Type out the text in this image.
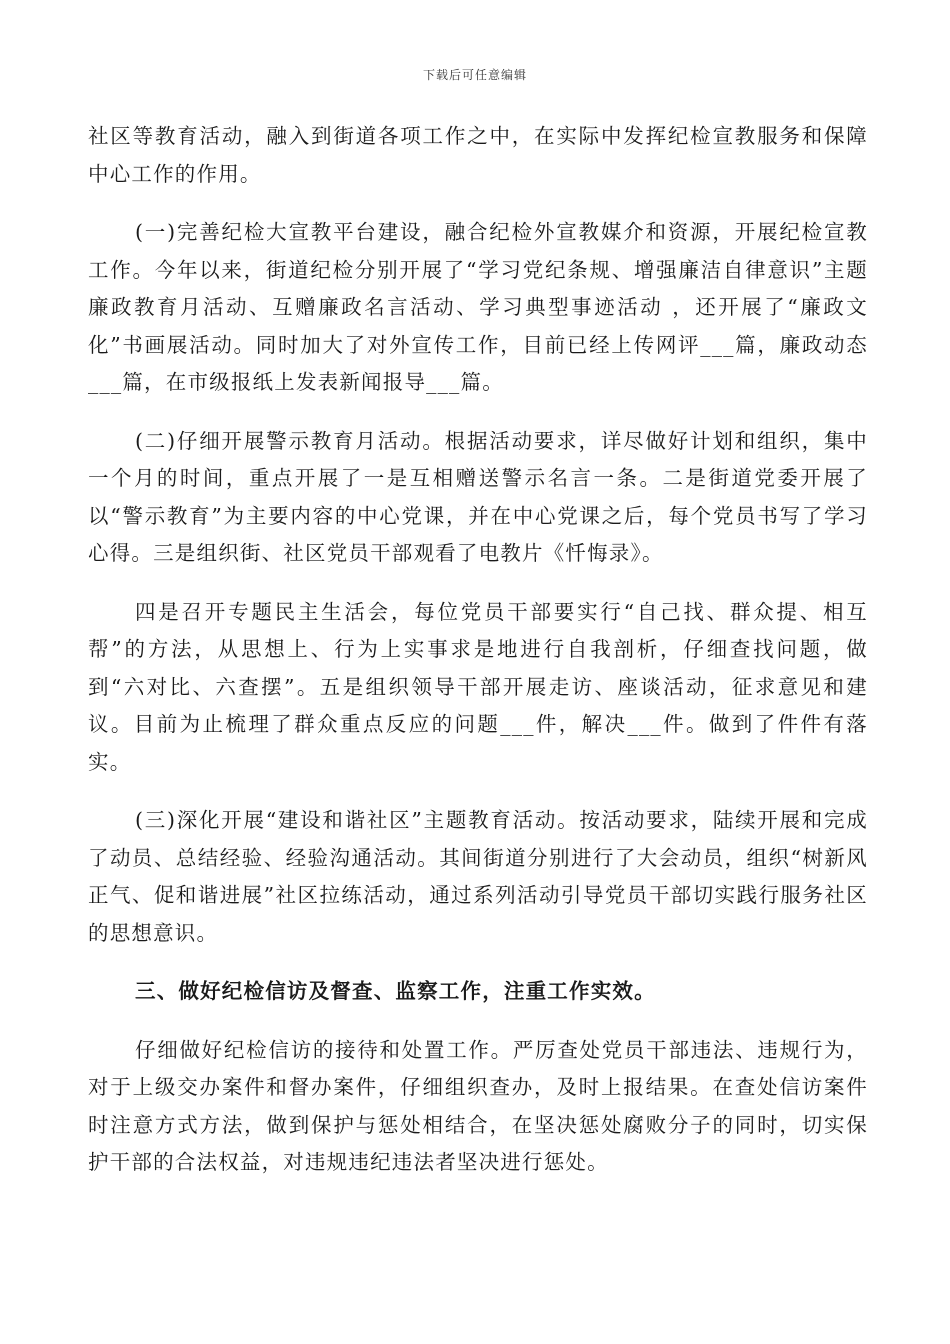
下载后可任意编辑

社区等教育活动，融入到街道各项工作之中，在实际中发挥纪检宣教服务和保障中心工作的作用。

(一)完善纪检大宣教平台建设，融合纪检外宣教媒介和资源，开展纪检宣教工作。今年以来，街道纪检分别开展了“学习党纪条规、增强廉洁自律意识”主题廉政教育月活动、互赠廉政名言活动、学习典型事迹活动 ，还开展了“廉政文化”书画展活动。同时加大了对外宣传工作，目前已经上传网评___篇，廉政动态___篇，在市级报纸上发表新闻报导___篇。

(二)仔细开展警示教育月活动。根据活动要求，详尽做好计划和组织，集中一个月的时间，重点开展了一是互相赠送警示名言一条。二是街道党委开展了以“警示教育”为主要内容的中心党课，并在中心党课之后，每个党员书写了学习心得。三是组织街、社区党员干部观看了电教片《忏悔录》。

四是召开专题民主生活会，每位党员干部要实行“自己找、群众提、相互帮”的方法，从思想上、行为上实事求是地进行自我剖析，仔细查找问题，做到“六对比、六查摆”。五是组织领导干部开展走访、座谈活动，征求意见和建议。目前为止梳理了群众重点反应的问题___件，解决___件。做到了件件有落实。

(三)深化开展“建设和谐社区”主题教育活动。按活动要求，陆续开展和完成了动员、总结经验、经验沟通活动。其间街道分别进行了大会动员，组织“树新风正气、促和谐进展”社区拉练活动，通过系列活动引导党员干部切实践行服务社区的思想意识。

三、做好纪检信访及督查、监察工作，注重工作实效。

仔细做好纪检信访的接待和处置工作。严厉查处党员干部违法、违规行为，对于上级交办案件和督办案件，仔细组织查办，及时上报结果。在查处信访案件时注意方式方法，做到保护与惩处相结合，在坚决惩处腐败分子的同时，切实保护干部的合法权益，对违规违纪违法者坚决进行惩处。
